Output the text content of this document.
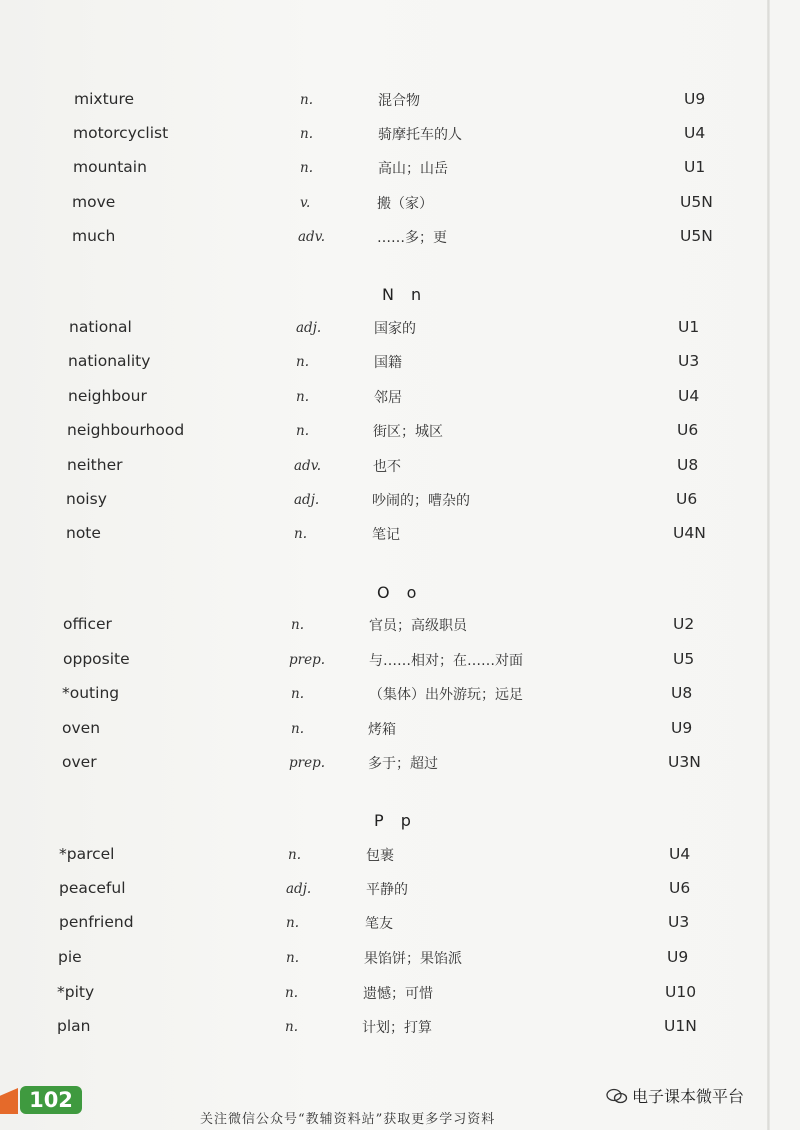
mixture	n.	混合物	U9
motorcyclist	n.	骑摩托车的人	U4
mountain	n.	高山；山岳	U1
move	v.	搬（家）	U5N
much	adv.	……多；更	U5N
N n
national	adj.	国家的	U1
nationality	n.	国籍	U3
neighbour	n.	邻居	U4
neighbourhood	n.	街区；城区	U6
neither	adv.	也不	U8
noisy	adj.	吵闹的；嘈杂的	U6
note	n.	笔记	U4N
O o
officer	n.	官员；高级职员	U2
opposite	prep.	与……相对；在……对面	U5
*outing	n.	（集体）出外游玩；远足	U8
oven	n.	烤箱	U9
over	prep.	多于；超过	U3N
P p
*parcel	n.	包裹	U4
peaceful	adj.	平静的	U6
penfriend	n.	笔友	U3
pie	n.	果馅饼；果馅派	U9
*pity	n.	遗憾；可惜	U10
plan	n.	计划；打算	U1N
102	电子课本微平台
关注微信公众号“教辅资料站”获取更多学习资料
